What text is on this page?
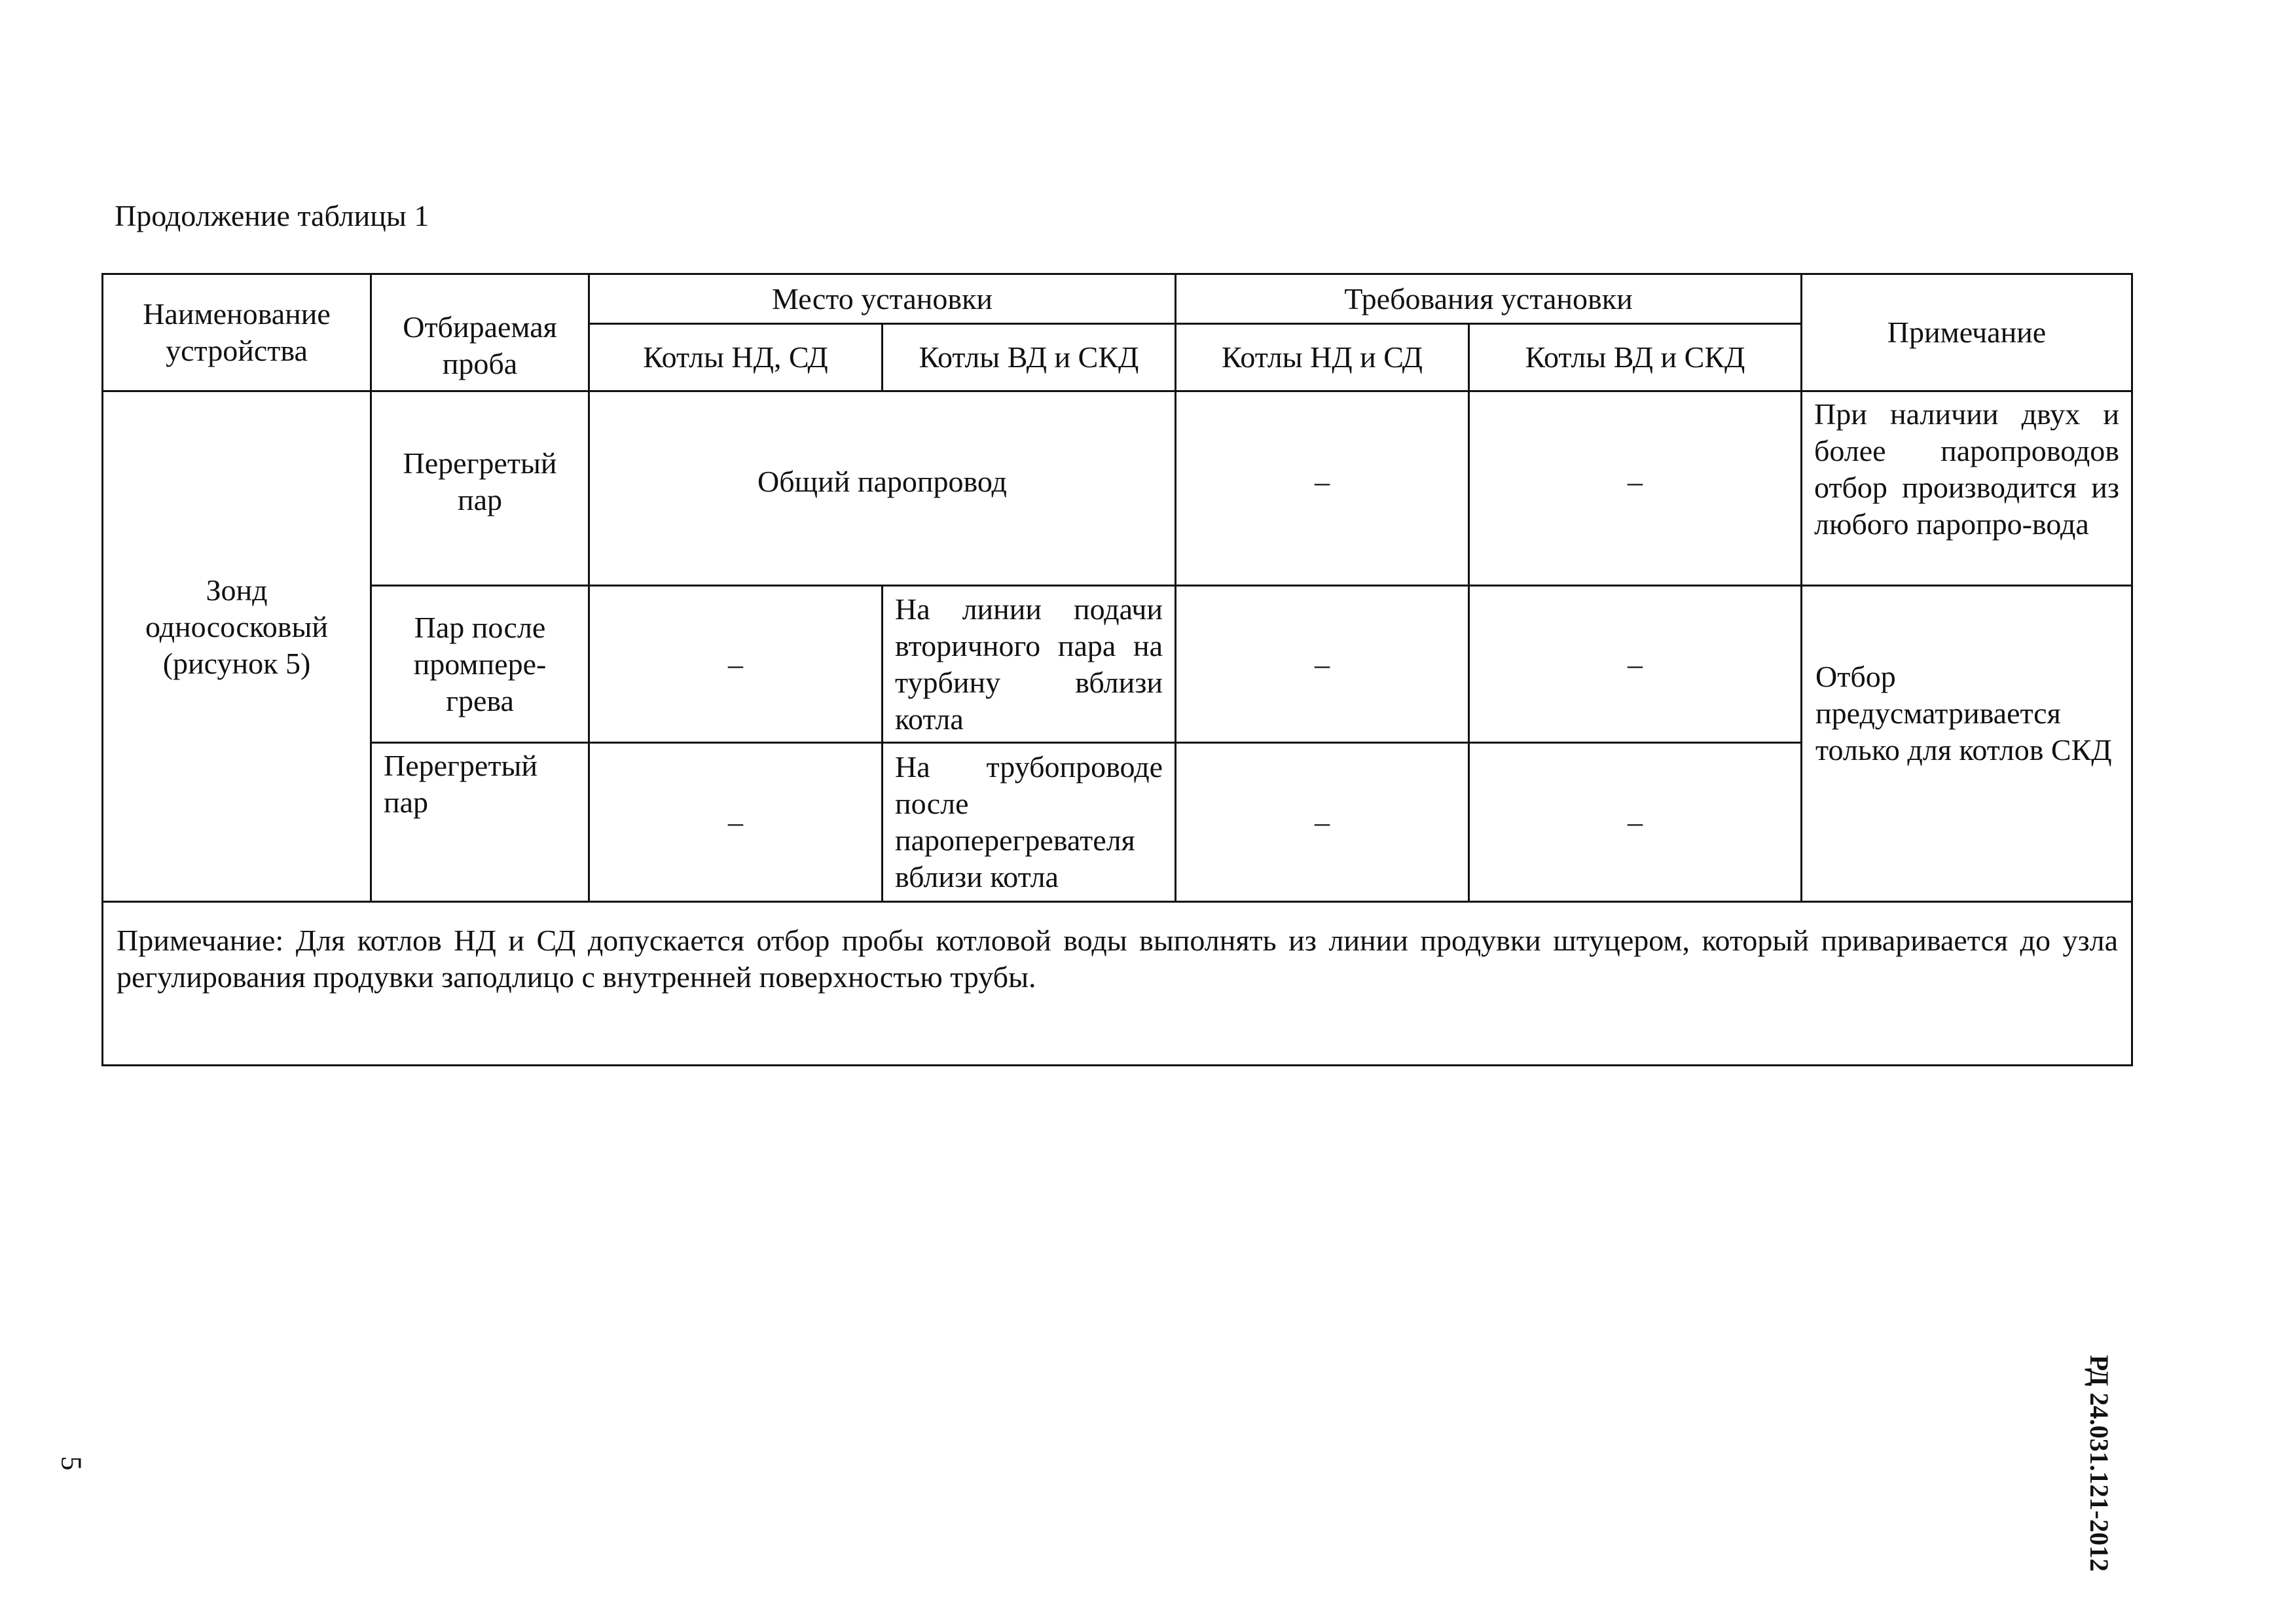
Продолжение таблицы 1
Наименование устройства	Отбираемая проба	Место установки		Требования установки		Примечание
		Котлы НД, СД	Котлы ВД и СКД	Котлы НД и СД	Котлы ВД и СКД	
Зонд однососковый (рисунок 5)	Перегретый пар	Общий паропровод		–	–	При наличии двух и более паропроводов отбор производится из любого паропро-вода
	Пар после промпере-грева	–	На линии подачи вторичного пара на турбину вблизи котла	–	–	Отбор предусматривается только для котлов СКД
	Перегретый пар	–	На трубопроводе после пароперегревателя вблизи котла	–	–	
Примечание: Для котлов НД и СД допускается отбор пробы котловой воды выполнять из линии продувки штуцером, который приваривается до узла регулирования продувки заподлицо с внутренней поверхностью трубы.						
5	РД 24.031.121-2012
